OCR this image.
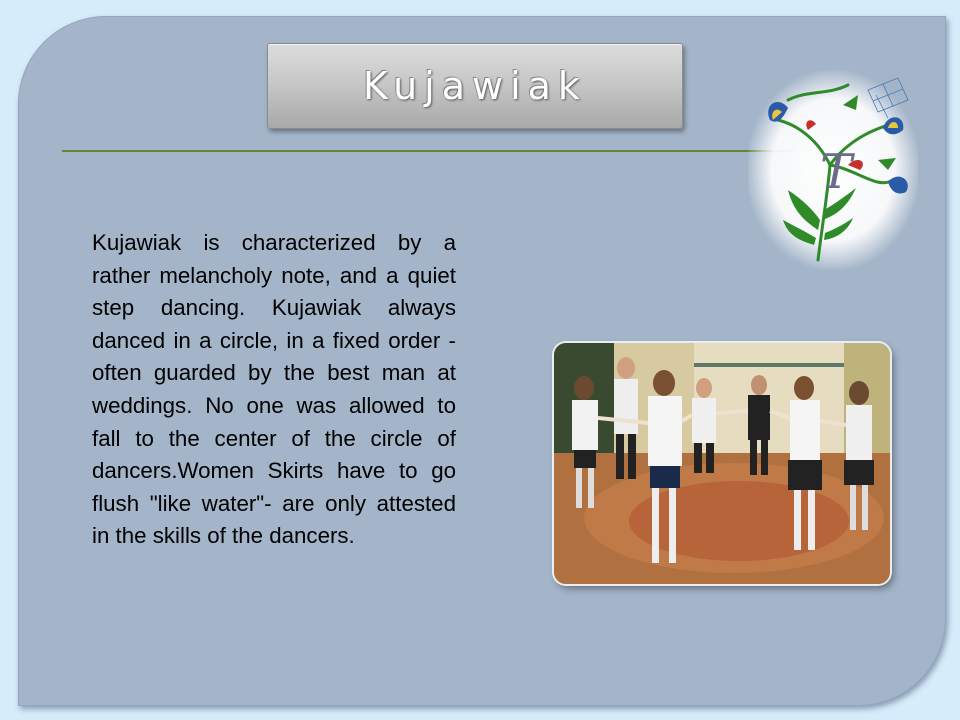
Kujawiak

Kujawiak is characterized by a rather melancholy note, and a quiet step dancing. Kujawiak always danced in a circle, in a fixed order - often guarded by the best man at weddings. No one was allowed to fall to the center of the circle of dancers.Women Skirts have to go flush "like water"- are only attested in the skills of the dancers.

T
